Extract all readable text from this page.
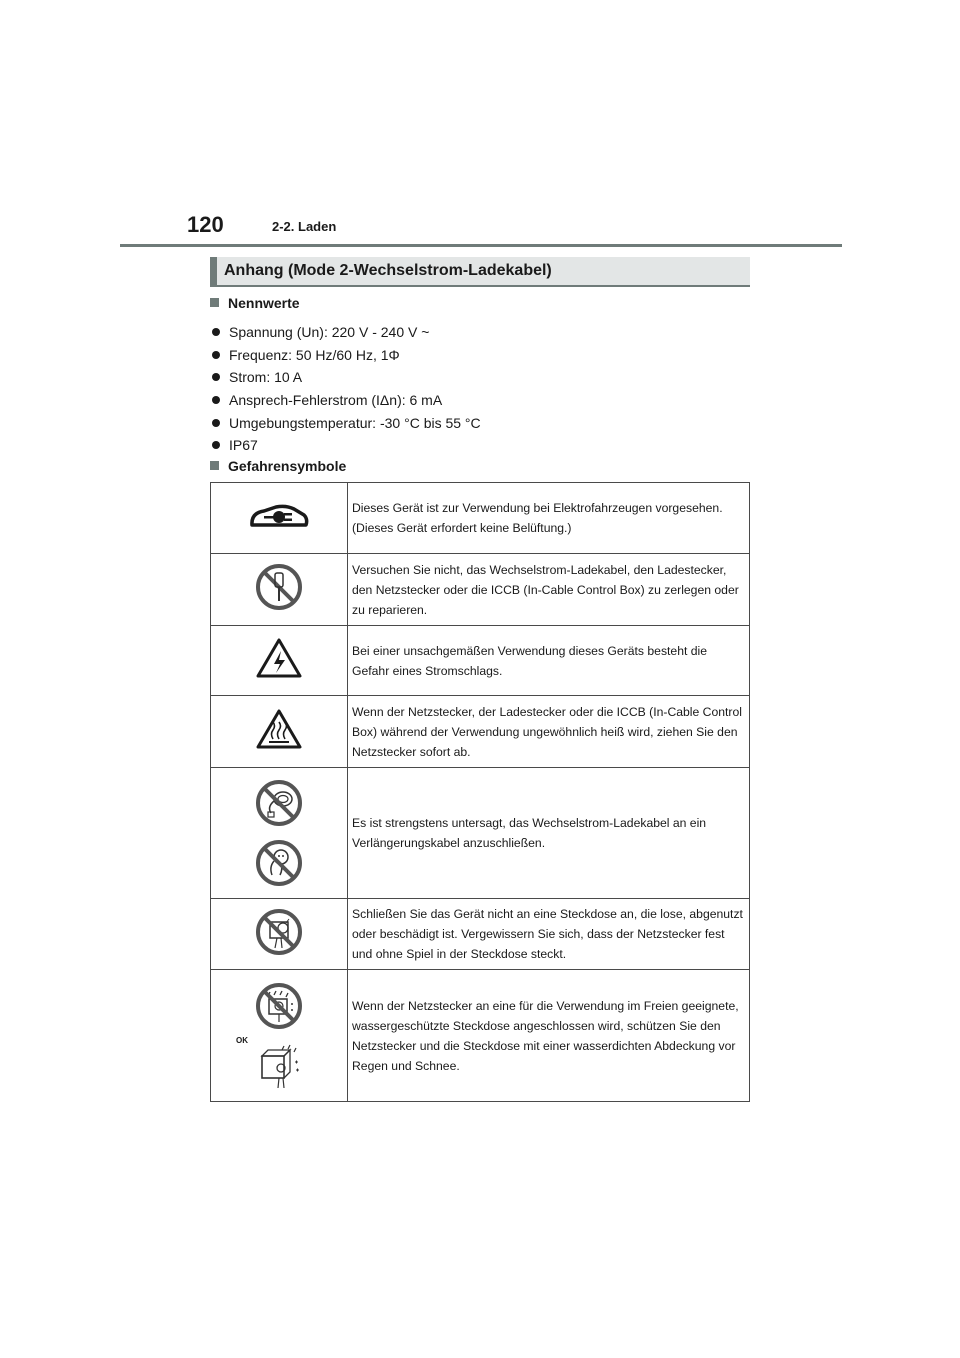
120	2-2. Laden
Anhang (Mode 2-Wechselstrom-Ladekabel)
Nennwerte
Spannung (Un): 220 V - 240 V ~
Frequenz: 50 Hz/60 Hz, 1Φ
Strom: 10 A
Ansprech-Fehlerstrom (IΔn): 6 mA
Umgebungstemperatur: -30 °C bis 55 °C
IP67
Gefahrensymbole
	Dieses Gerät ist zur Verwendung bei Elektrofahrzeugen vorgesehen. (Dieses Gerät erfordert keine Belüftung.)

	Versuchen Sie nicht, das Wechselstrom-Ladekabel, den Ladestecker, den Netzstecker oder die ICCB (In-Cable Control Box) zu zerlegen oder zu reparieren.

	Bei einer unsachgemäßen Verwendung dieses Geräts besteht die Gefahr eines Stromschlags.

	Wenn der Netzstecker, der Ladestecker oder die ICCB (In-Cable Control Box) während der Verwendung ungewöhnlich heiß wird, ziehen Sie den Netzstecker sofort ab.

	Es ist strengstens untersagt, das Wechselstrom-Ladekabel an ein Verlängerungskabel anzuschließen.

	Schließen Sie das Gerät nicht an eine Steckdose an, die lose, abgenutzt oder beschädigt ist. Vergewissern Sie sich, dass der Netzstecker fest und ohne Spiel in der Steckdose steckt.

OK	Wenn der Netzstecker an eine für die Verwendung im Freien geeignete, wassergeschützte Steckdose angeschlossen wird, schützen Sie den Netzstecker und die Steckdose mit einer wasserdichten Abdeckung vor Regen und Schnee.
